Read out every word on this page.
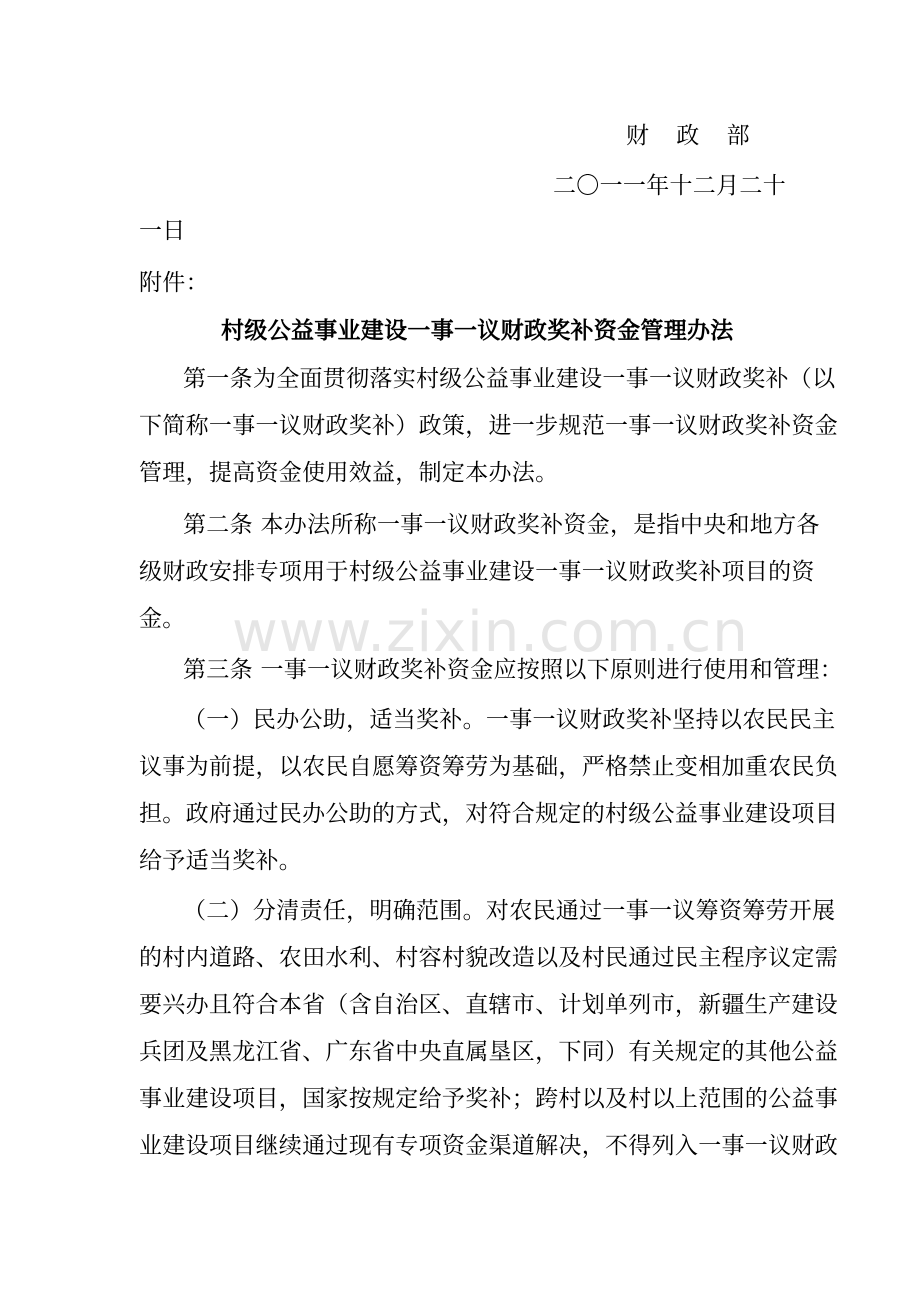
财 政 部
二〇一一年十二月二十
一日
附件：
村级公益事业建设一事一议财政奖补资金管理办法
第一条为全面贯彻落实村级公益事业建设一事一议财政奖补（以
下简称一事一议财政奖补）政策，进一步规范一事一议财政奖补资金
管理，提高资金使用效益，制定本办法。
第二条 本办法所称一事一议财政奖补资金，是指中央和地方各
级财政安排专项用于村级公益事业建设一事一议财政奖补项目的资
金。
第三条 一事一议财政奖补资金应按照以下原则进行使用和管理：
（一）民办公助，适当奖补。一事一议财政奖补坚持以农民民主
议事为前提，以农民自愿筹资筹劳为基础，严格禁止变相加重农民负
担。政府通过民办公助的方式，对符合规定的村级公益事业建设项目
给予适当奖补。
（二）分清责任，明确范围。对农民通过一事一议筹资筹劳开展
的村内道路、农田水利、村容村貌改造以及村民通过民主程序议定需
要兴办且符合本省（含自治区、直辖市、计划单列市，新疆生产建设
兵团及黑龙江省、广东省中央直属垦区，下同）有关规定的其他公益
事业建设项目，国家按规定给予奖补；跨村以及村以上范围的公益事
业建设项目继续通过现有专项资金渠道解决，不得列入一事一议财政
www.zixin.com.cn
